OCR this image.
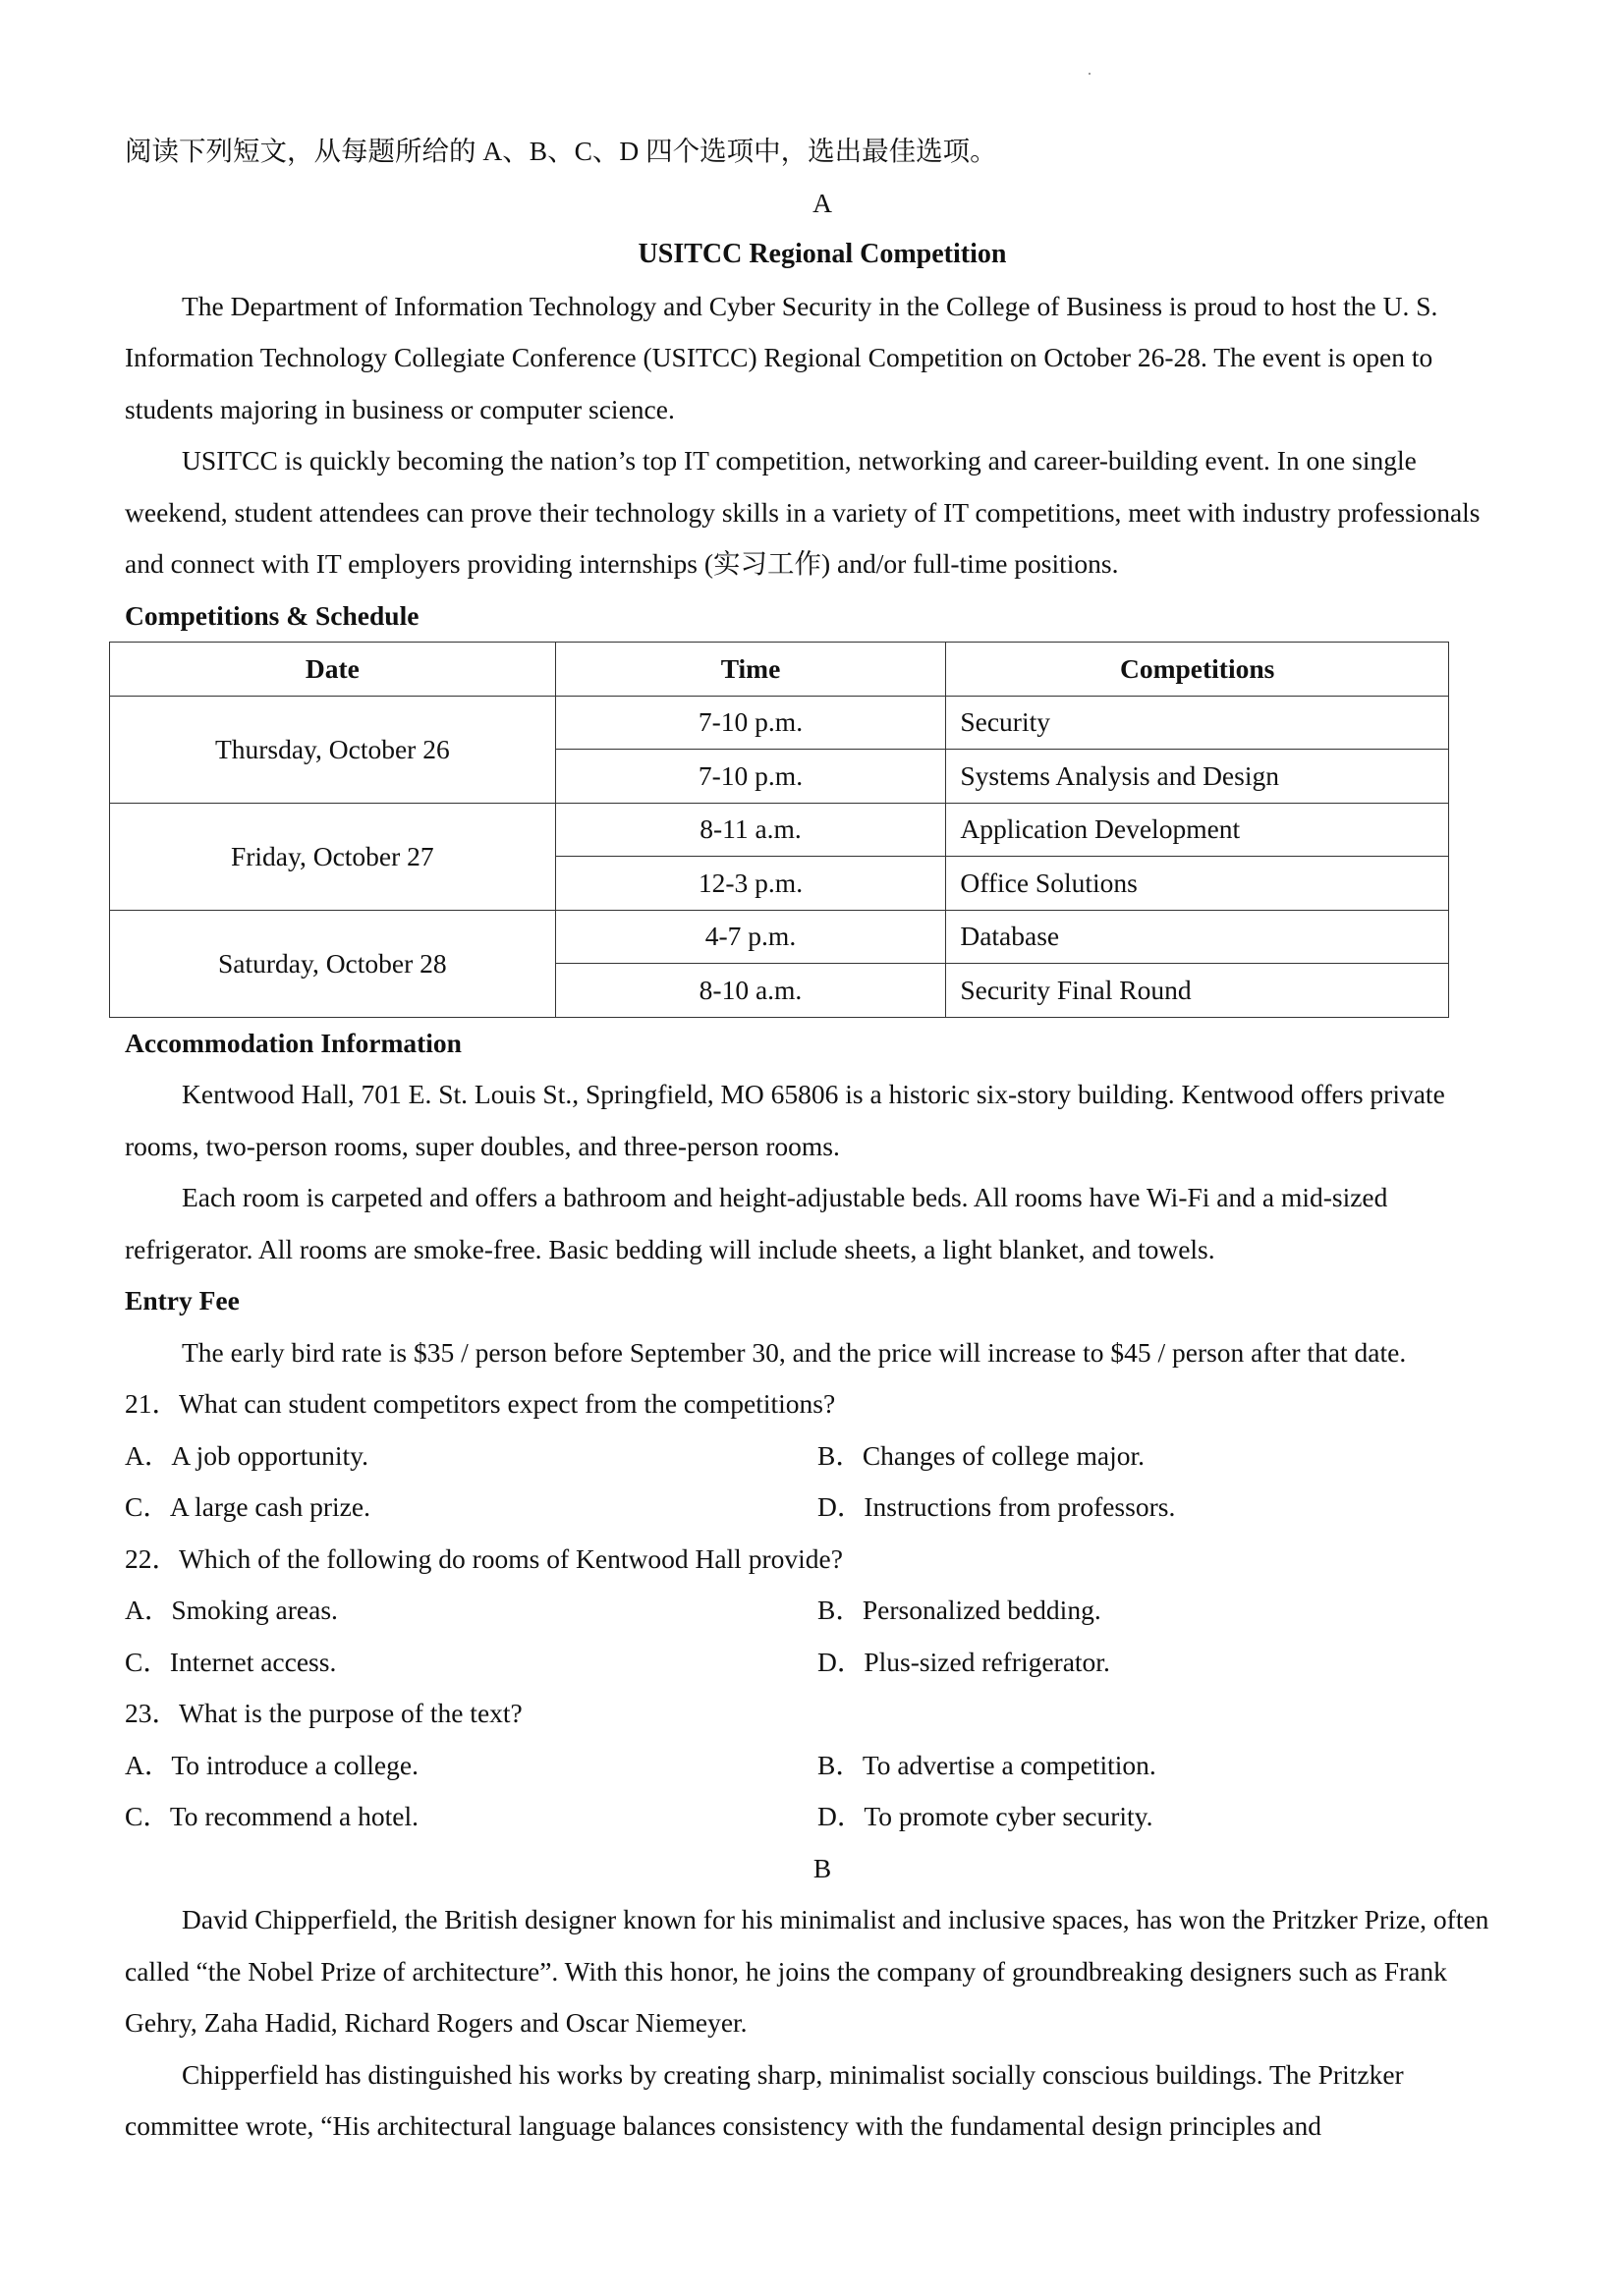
阅读下列短文，从每题所给的 A、B、C、D 四个选项中，选出最佳选项。

A

USITCC Regional Competition

The Department of Information Technology and Cyber Security in the College of Business is proud to host the U. S. Information Technology Collegiate Conference (USITCC) Regional Competition on October 26-28. The event is open to students majoring in business or computer science.

USITCC is quickly becoming the nation’s top IT competition, networking and career-building event. In one single weekend, student attendees can prove their technology skills in a variety of IT competitions, meet with industry professionals and connect with IT employers providing internships (实习工作) and/or full-time positions.

Competitions & Schedule

Date	Time	Competitions
Thursday, October 26	7-10 p.m.	Security
	7-10 p.m.	Systems Analysis and Design
Friday, October 27	8-11 a.m.	Application Development
	12-3 p.m.	Office Solutions
Saturday, October 28	4-7 p.m.	Database
	8-10 a.m.	Security Final Round

Accommodation Information

Kentwood Hall, 701 E. St. Louis St., Springfield, MO 65806 is a historic six-story building. Kentwood offers private rooms, two-person rooms, super doubles, and three-person rooms.

Each room is carpeted and offers a bathroom and height-adjustable beds. All rooms have Wi-Fi and a mid-sized refrigerator. All rooms are smoke-free. Basic bedding will include sheets, a light blanket, and towels.

Entry Fee

The early bird rate is $35 / person before September 30, and the price will increase to $45 / person after that date.

21．What can student competitors expect from the competitions?

A．A job opportunity.	B．Changes of college major.
C．A large cash prize.	D．Instructions from professors.

22．Which of the following do rooms of Kentwood Hall provide?

A．Smoking areas.	B．Personalized bedding.
C．Internet access.	D．Plus-sized refrigerator.

23．What is the purpose of the text?

A．To introduce a college.	B．To advertise a competition.
C．To recommend a hotel.	D．To promote cyber security.

B

David Chipperfield, the British designer known for his minimalist and inclusive spaces, has won the Pritzker Prize, often called “the Nobel Prize of architecture”. With this honor, he joins the company of groundbreaking designers such as Frank Gehry, Zaha Hadid, Richard Rogers and Oscar Niemeyer.

Chipperfield has distinguished his works by creating sharp, minimalist socially conscious buildings. The Pritzker committee wrote, “His architectural language balances consistency with the fundamental design principles and
